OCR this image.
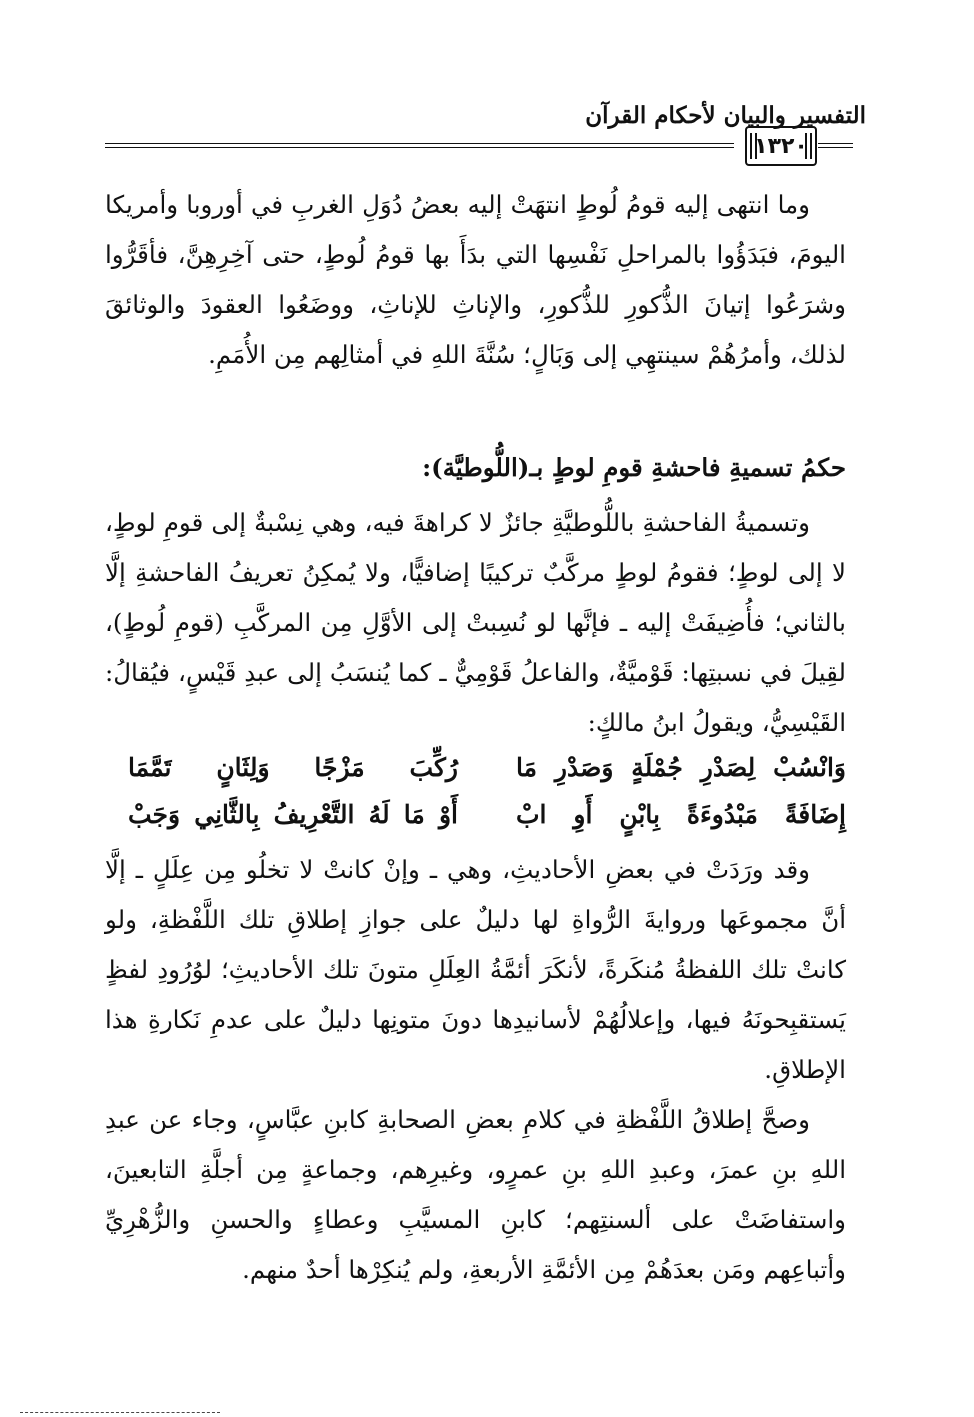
التفسير والبيان لأحكام القرآن
١٣٢٠
وما انتهى إليه قومُ لُوطٍ انتهَتْ إليه بعضُ دُوَلِ الغربِ في أوروبا وأمريكا اليومَ، فبَدَؤُوا بالمراحلِ نَفْسِها التي بدَأَ بها قومُ لُوطٍ، حتى آخِرِهِنَّ، فأقَرُّوا وشرَعُوا إتيانَ الذُّكورِ للذُّكورِ، والإناثِ للإناثِ، ووضَعُوا العقودَ والوثائقَ لذلك، وأمرُهُمْ سينتهِي إلى وَبَالٍ؛ سُنَّةَ اللهِ في أمثالِهم مِن الأُمَمِ.
حكمُ تسميةِ فاحشةِ قومِ لوطٍ بـ(اللُّوطيَّة):
وتسميةُ الفاحشةِ باللُّوطيَّةِ جائزٌ لا كراهةَ فيه، وهي نِسْبةٌ إلى قومِ لوطٍ، لا إلى لوطٍ؛ فقومُ لوطٍ مركَّبٌ تركيبًا إضافيًّا، ولا يُمكِنُ تعريفُ الفاحشةِ إلَّا بالثاني؛ فأُضِيفَتْ إليه ـ فإنَّها لو نُسِبتْ إلى الأوَّلِ مِن المركَّبِ (قومِ لُوطٍ)، لقِيلَ في نسبتِها: قَوْميَّةٌ، والفاعلُ قَوْمِيٌّ ـ كما يُنسَبُ إلى عبدِ قَيْسٍ، فيُقالُ: القَيْسِيُّ، ويقولُ ابنُ مالكٍ:
وَانْسُبْ لِصَدْرِ جُمْلَةٍ وَصَدْرِ مَا
رُكِّبَ مَزْجًا وَلِثَانٍ تَمَّمَا
إِضَافَةً مَبْدُوءَةً بِابْنٍ أَوِ ابْ
أَوْ مَا لَهُ التَّعْرِيفُ بِالثَّانِي وَجَبْ
وقد ورَدَتْ في بعضِ الأحاديثِ، وهي ـ وإنْ كانتْ لا تخلُو مِن عِلَلٍ ـ إلَّا أنَّ مجموعَها وروايةَ الرُّواةِ لها دليلٌ على جوازِ إطلاقِ تلك اللَّفْظةِ، ولو كانتْ تلك اللفظةُ مُنكَرةً، لأنكَرَ أئمَّةُ العِلَلِ متونَ تلك الأحاديثِ؛ لوُرُودِ لفظٍ يَستقبِحونَهُ فيها، وإعلالُهُمْ لأسانيدِها دونَ متونِها دليلٌ على عدمِ نَكارةِ هذا الإطلاقِ.
وصحَّ إطلاقُ اللَّفْظةِ في كلامِ بعضِ الصحابةِ كابنِ عبَّاسٍ، وجاء عن عبدِ اللهِ بنِ عمرَ، وعبدِ اللهِ بنِ عمرٍو، وغيرِهم، وجماعةٍ مِن أجلَّةِ التابعينَ، واستفاضَتْ على ألسنتِهم؛ كابنِ المسيَّبِ وعطاءٍ والحسنِ والزُّهْرِيِّ وأتباعِهم ومَن بعدَهُمْ مِن الأئمَّةِ الأربعةِ، ولم يُنكِرْها أحدٌ منهم.
